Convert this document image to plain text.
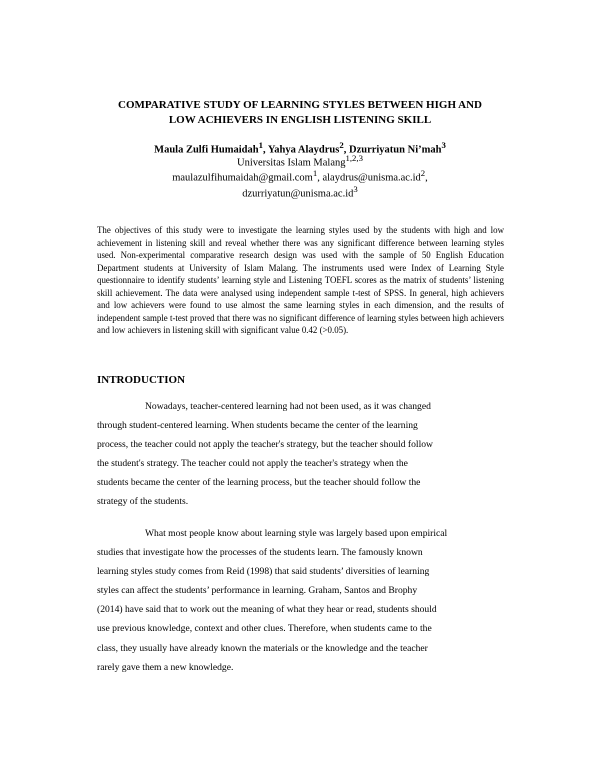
COMPARATIVE STUDY OF LEARNING STYLES BETWEEN HIGH AND
LOW ACHIEVERS IN ENGLISH LISTENING SKILL
Maula Zulfi Humaidah$^1$, Yahya Alaydrus$^2$, Dzurriyatun Ni’mah$^3$
Universitas Islam Malang$^{1,2,3}$
maulazulfihumaidah@gmail.com$^1$, $alaydrus@unisma.ac.id^2$,
$dzurriyatun@unisma.ac.id^3$
The objectives of this study were to investigate the learning styles used by the students with high and low achievement in listening skill and reveal whether there was any significant difference between learning styles used. Non-experimental comparative research design was used with the sample of 50 English Education Department students at University of Islam Malang. The instruments used were Index of Learning Style questionnaire to identify students’ learning style and Listening TOEFL scores as the matrix of students’ listening skill achievement. The data were analysed using independent sample t-test of SPSS. In general, high achievers and low achievers were found to use almost the same learning styles in each dimension, and the results of independent sample t-test proved that there was no significant difference of learning styles between high achievers and low achievers in listening skill with significant value 0.42 (>0.05).
INTRODUCTION
Nowadays, teacher-centered learning had not been used, as it was changed
through student-centered learning. When students became the center of the learning
process, the teacher could not apply the teacher's strategy, but the teacher should follow
the student's strategy. The teacher could not apply the teacher's strategy when the
students became the center of the learning process, but the teacher should follow the
strategy of the students.
What most people know about learning style was largely based upon empirical
studies that investigate how the processes of the students learn. The famously known
learning styles study comes from Reid (1998) that said students’ diversities of learning
styles can affect the students’ performance in learning. Graham, Santos and Brophy
(2014) have said that to work out the meaning of what they hear or read, students should
use previous knowledge, context and other clues. Therefore, when students came to the
class, they usually have already known the materials or the knowledge and the teacher
rarely gave them a new knowledge.
